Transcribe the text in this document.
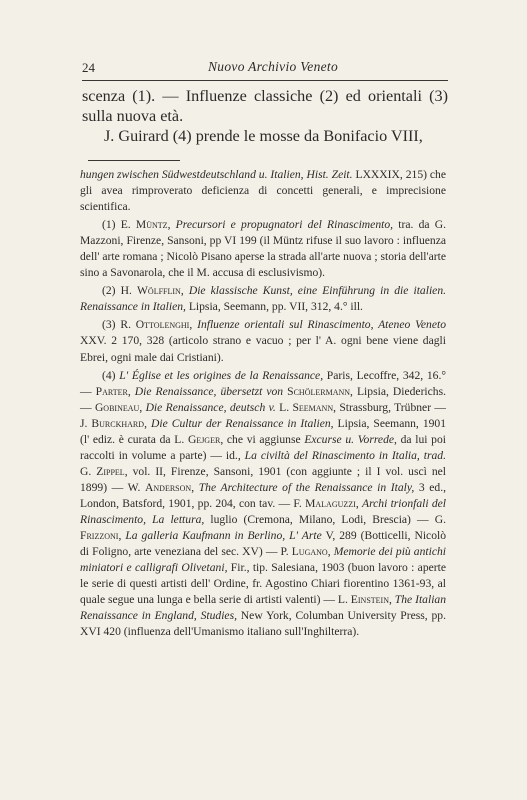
24	Nuovo Archivio Veneto

scenza (1). — Influenze classiche (2) ed orientali (3) sulla nuova età.

J. Guirard (4) prende le mosse da Bonifacio VIII,

hungen zwischen Südwestdeutschland u. Italien, Hist. Zeit. LXXXIX, 215) che gli avea rimproverato deficienza di concetti generali, e imprecisione scientifica.

(1) E. Müntz, Precursori e propugnatori del Rinascimento, tra. da G. Mazzoni, Firenze, Sansoni, pp VI 199 (il Müntz rifuse il suo lavoro : influenza dell' arte romana ; Nicolò Pisano aperse la strada all'arte nuova ; storia dell'arte sino a Savonarola, che il M. accusa di esclusivismo).

(2) H. Wölfflin, Die klassische Kunst, eine Einführung in die italien. Renaissance in Italien, Lipsia, Seemann, pp. VII, 312, 4.° ill.

(3) R. Ottolenghi, Influenze orientali sul Rinascimento, Ateneo Veneto XXV. 2 170, 328 (articolo strano e vacuo ; per l' A. ogni bene viene dagli Ebrei, ogni male dai Cristiani).

(4) L' Église et les origines de la Renaissance, Paris, Lecoffre, 342, 16.° — Parter, Die Renaissance, übersetzt von Schölermann, Lipsia, Diederichs. — Gobineau, Die Renaissance, deutsch v. L. Seemann, Strassburg, Trübner — J. Burckhard, Die Cultur der Renaissance in Italien, Lipsia, Seemann, 1901 (l' ediz. è curata da L. Gejger, che vi aggiunse Excurse u. Vorrede, da lui poi raccolti in volume a parte) — id., La civiltà del Rinascimento in Italia, trad. G. Zippel, vol. II, Firenze, Sansoni, 1901 (con aggiunte ; il I vol. uscì nel 1899) — W. Anderson, The Architecture of the Renaissance in Italy, 3 ed., London, Batsford, 1901, pp. 204, con tav. — F. Malaguzzi, Archi trionfali del Rinascimento, La lettura, luglio (Cremona, Milano, Lodi, Brescia) — G. Frizzoni, La galleria Kaufmann in Berlino, L' Arte V, 289 (Botticelli, Nicolò di Foligno, arte veneziana del sec. XV) — P. Lugano, Memorie dei più antichi miniatori e calligrafi Olivetani, Fir., tip. Salesiana, 1903 (buon lavoro : aperte le serie di questi artisti dell' Ordine, fr. Agostino Chiari fiorentino 1361-93, al quale segue una lunga e bella serie di artisti valenti) — L. Einstein, The Italian Renaissance in England, Studies, New York, Columban University Press, pp. XVI 420 (influenza dell'Umanismo italiano sull'Inghilterra).
